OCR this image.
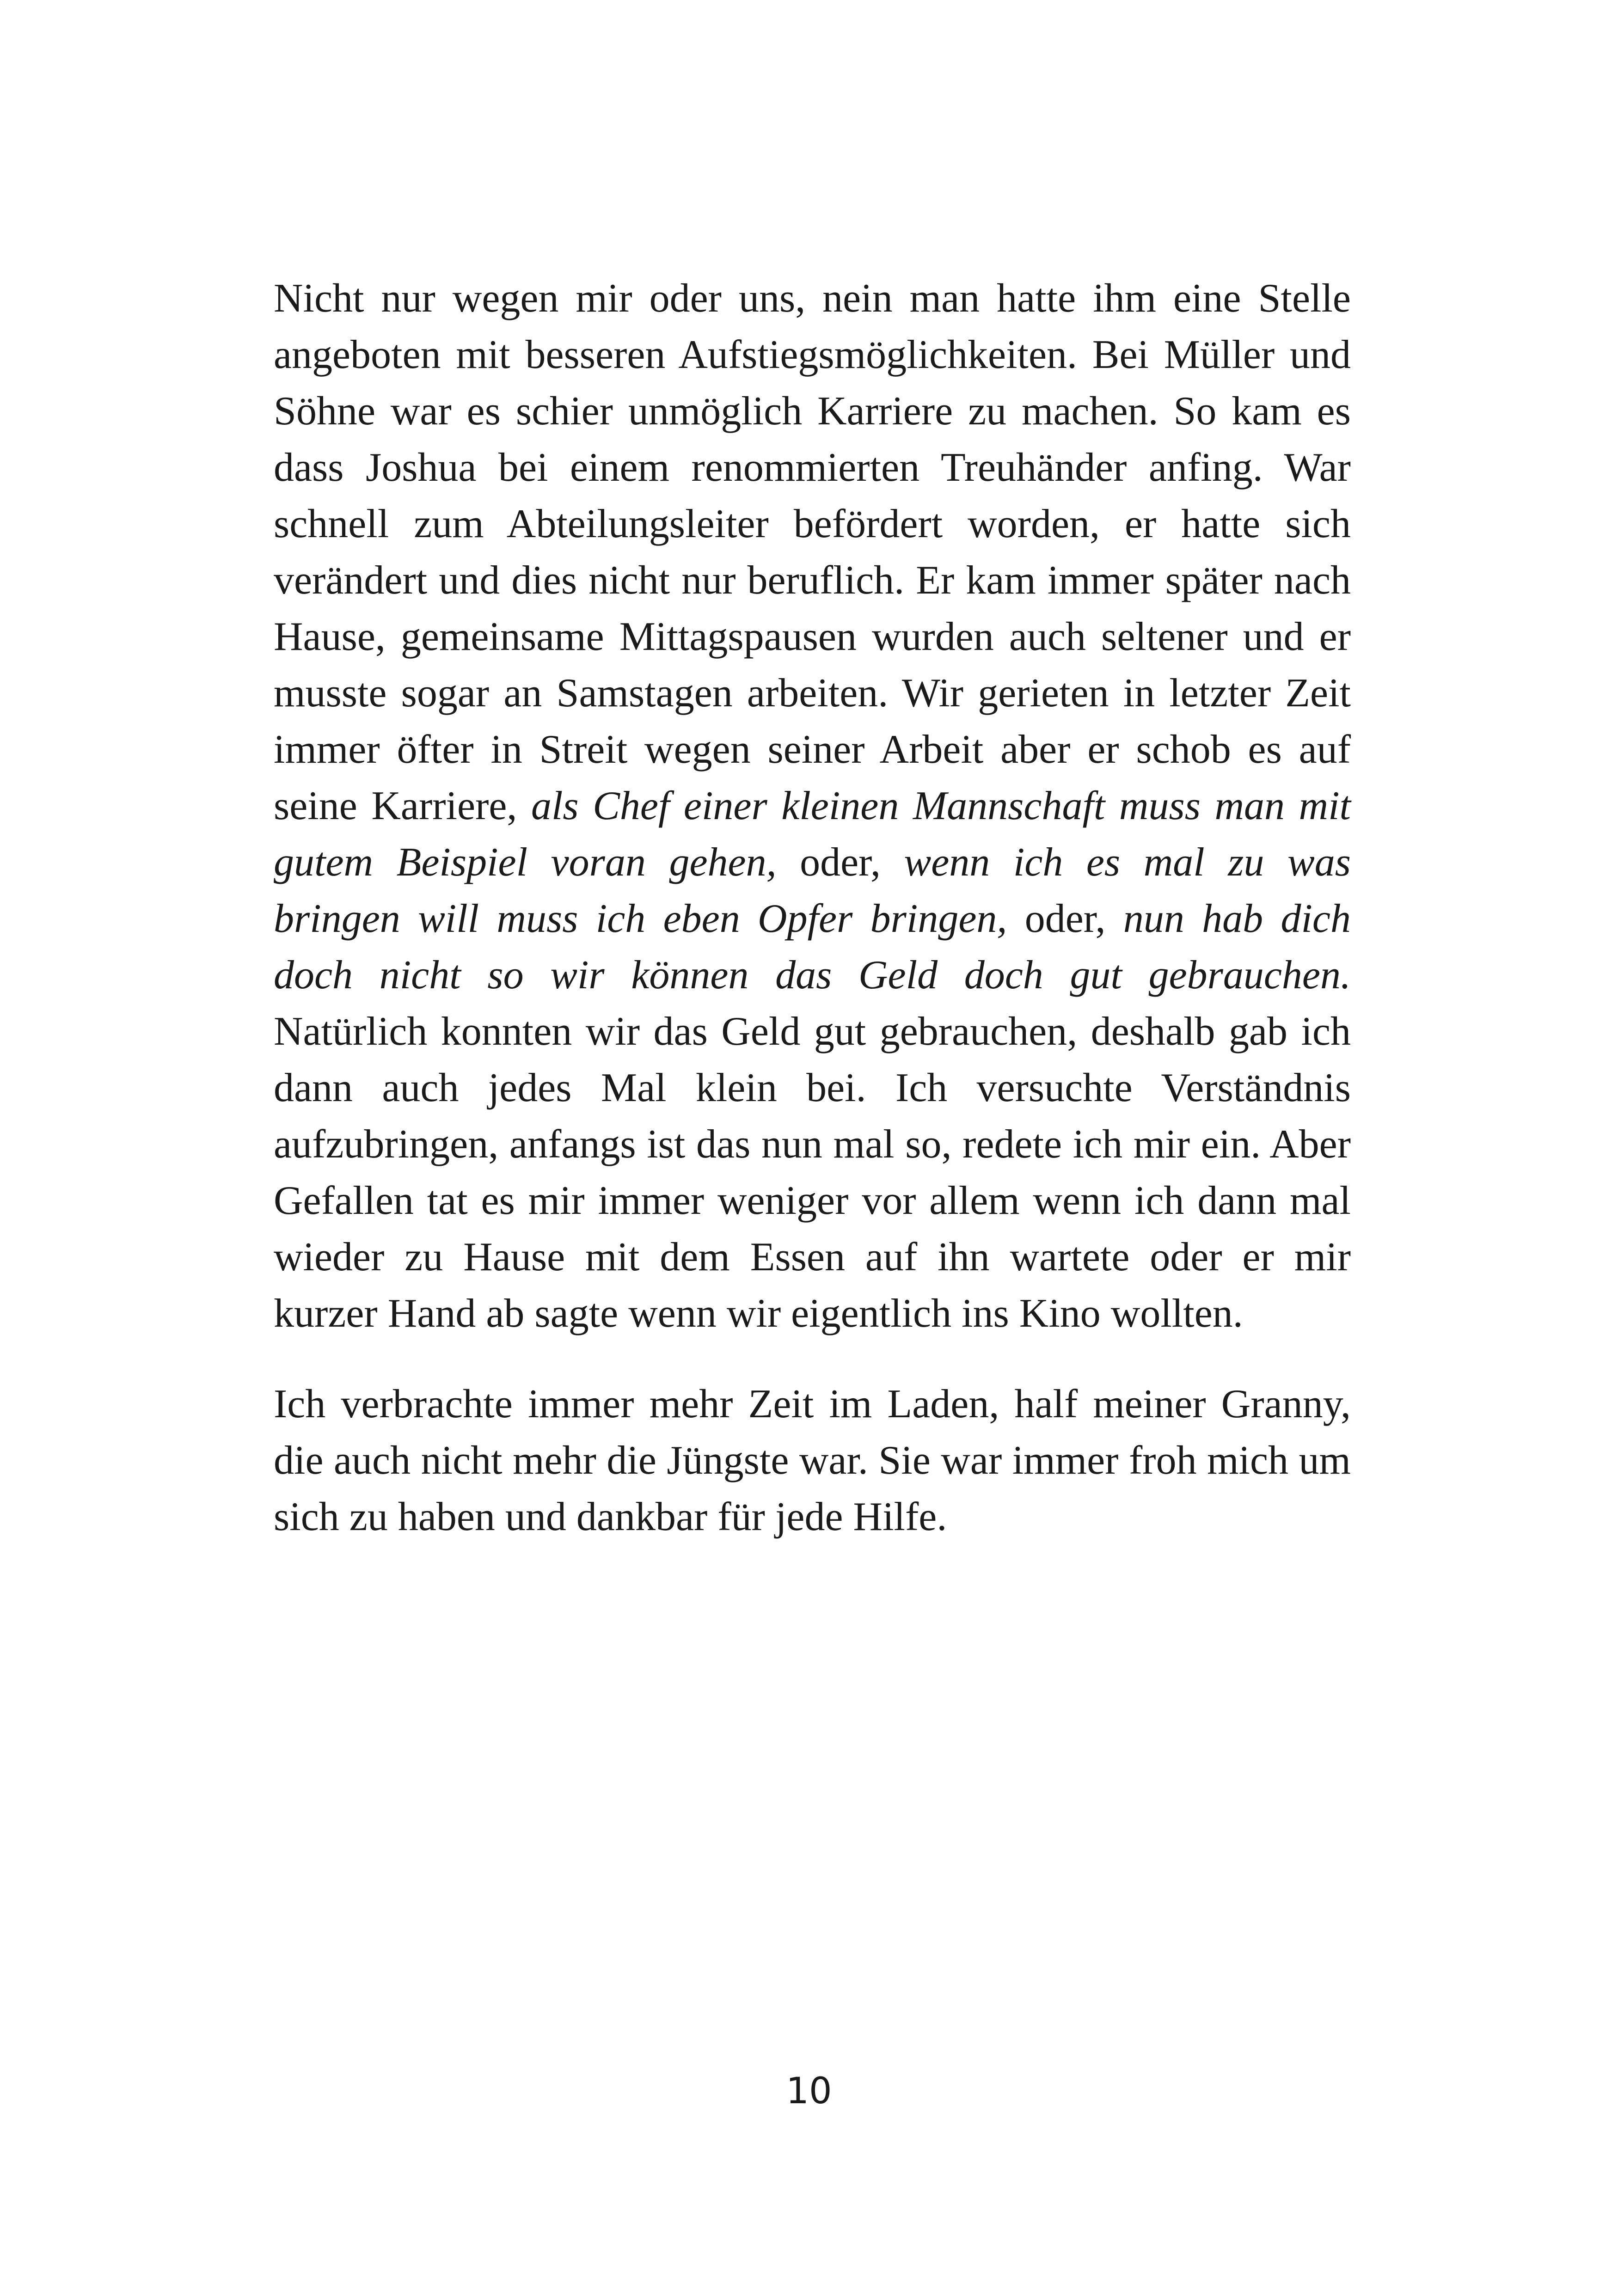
Nicht nur wegen mir oder uns, nein man hatte ihm eine Stelle angeboten mit besseren Aufstiegsmöglichkeiten. Bei Müller und Söhne war es schier unmöglich Karriere zu machen. So kam es dass Joshua bei einem renommierten Treuhänder anfing. War schnell zum Abteilungsleiter befördert worden, er hatte sich verändert und dies nicht nur beruflich. Er kam immer später nach Hause, gemeinsame Mittagspausen wurden auch seltener und er musste sogar an Samstagen arbeiten. Wir gerieten in letzter Zeit immer öfter in Streit wegen seiner Arbeit aber er schob es auf seine Karriere, als Chef einer kleinen Mannschaft muss man mit gutem Beispiel voran gehen, oder, wenn ich es mal zu was bringen will muss ich eben Opfer bringen, oder, nun hab dich doch nicht so wir können das Geld doch gut gebrauchen. Natürlich konnten wir das Geld gut gebrauchen, deshalb gab ich dann auch jedes Mal klein bei. Ich versuchte Verständnis aufzubringen, anfangs ist das nun mal so, redete ich mir ein. Aber Gefallen tat es mir immer weniger vor allem wenn ich dann mal wieder zu Hause mit dem Essen auf ihn wartete oder er mir kurzer Hand ab sagte wenn wir eigentlich ins Kino wollten.

Ich verbrachte immer mehr Zeit im Laden, half meiner Granny, die auch nicht mehr die Jüngste war. Sie war immer froh mich um sich zu haben und dankbar für jede Hilfe.

10
